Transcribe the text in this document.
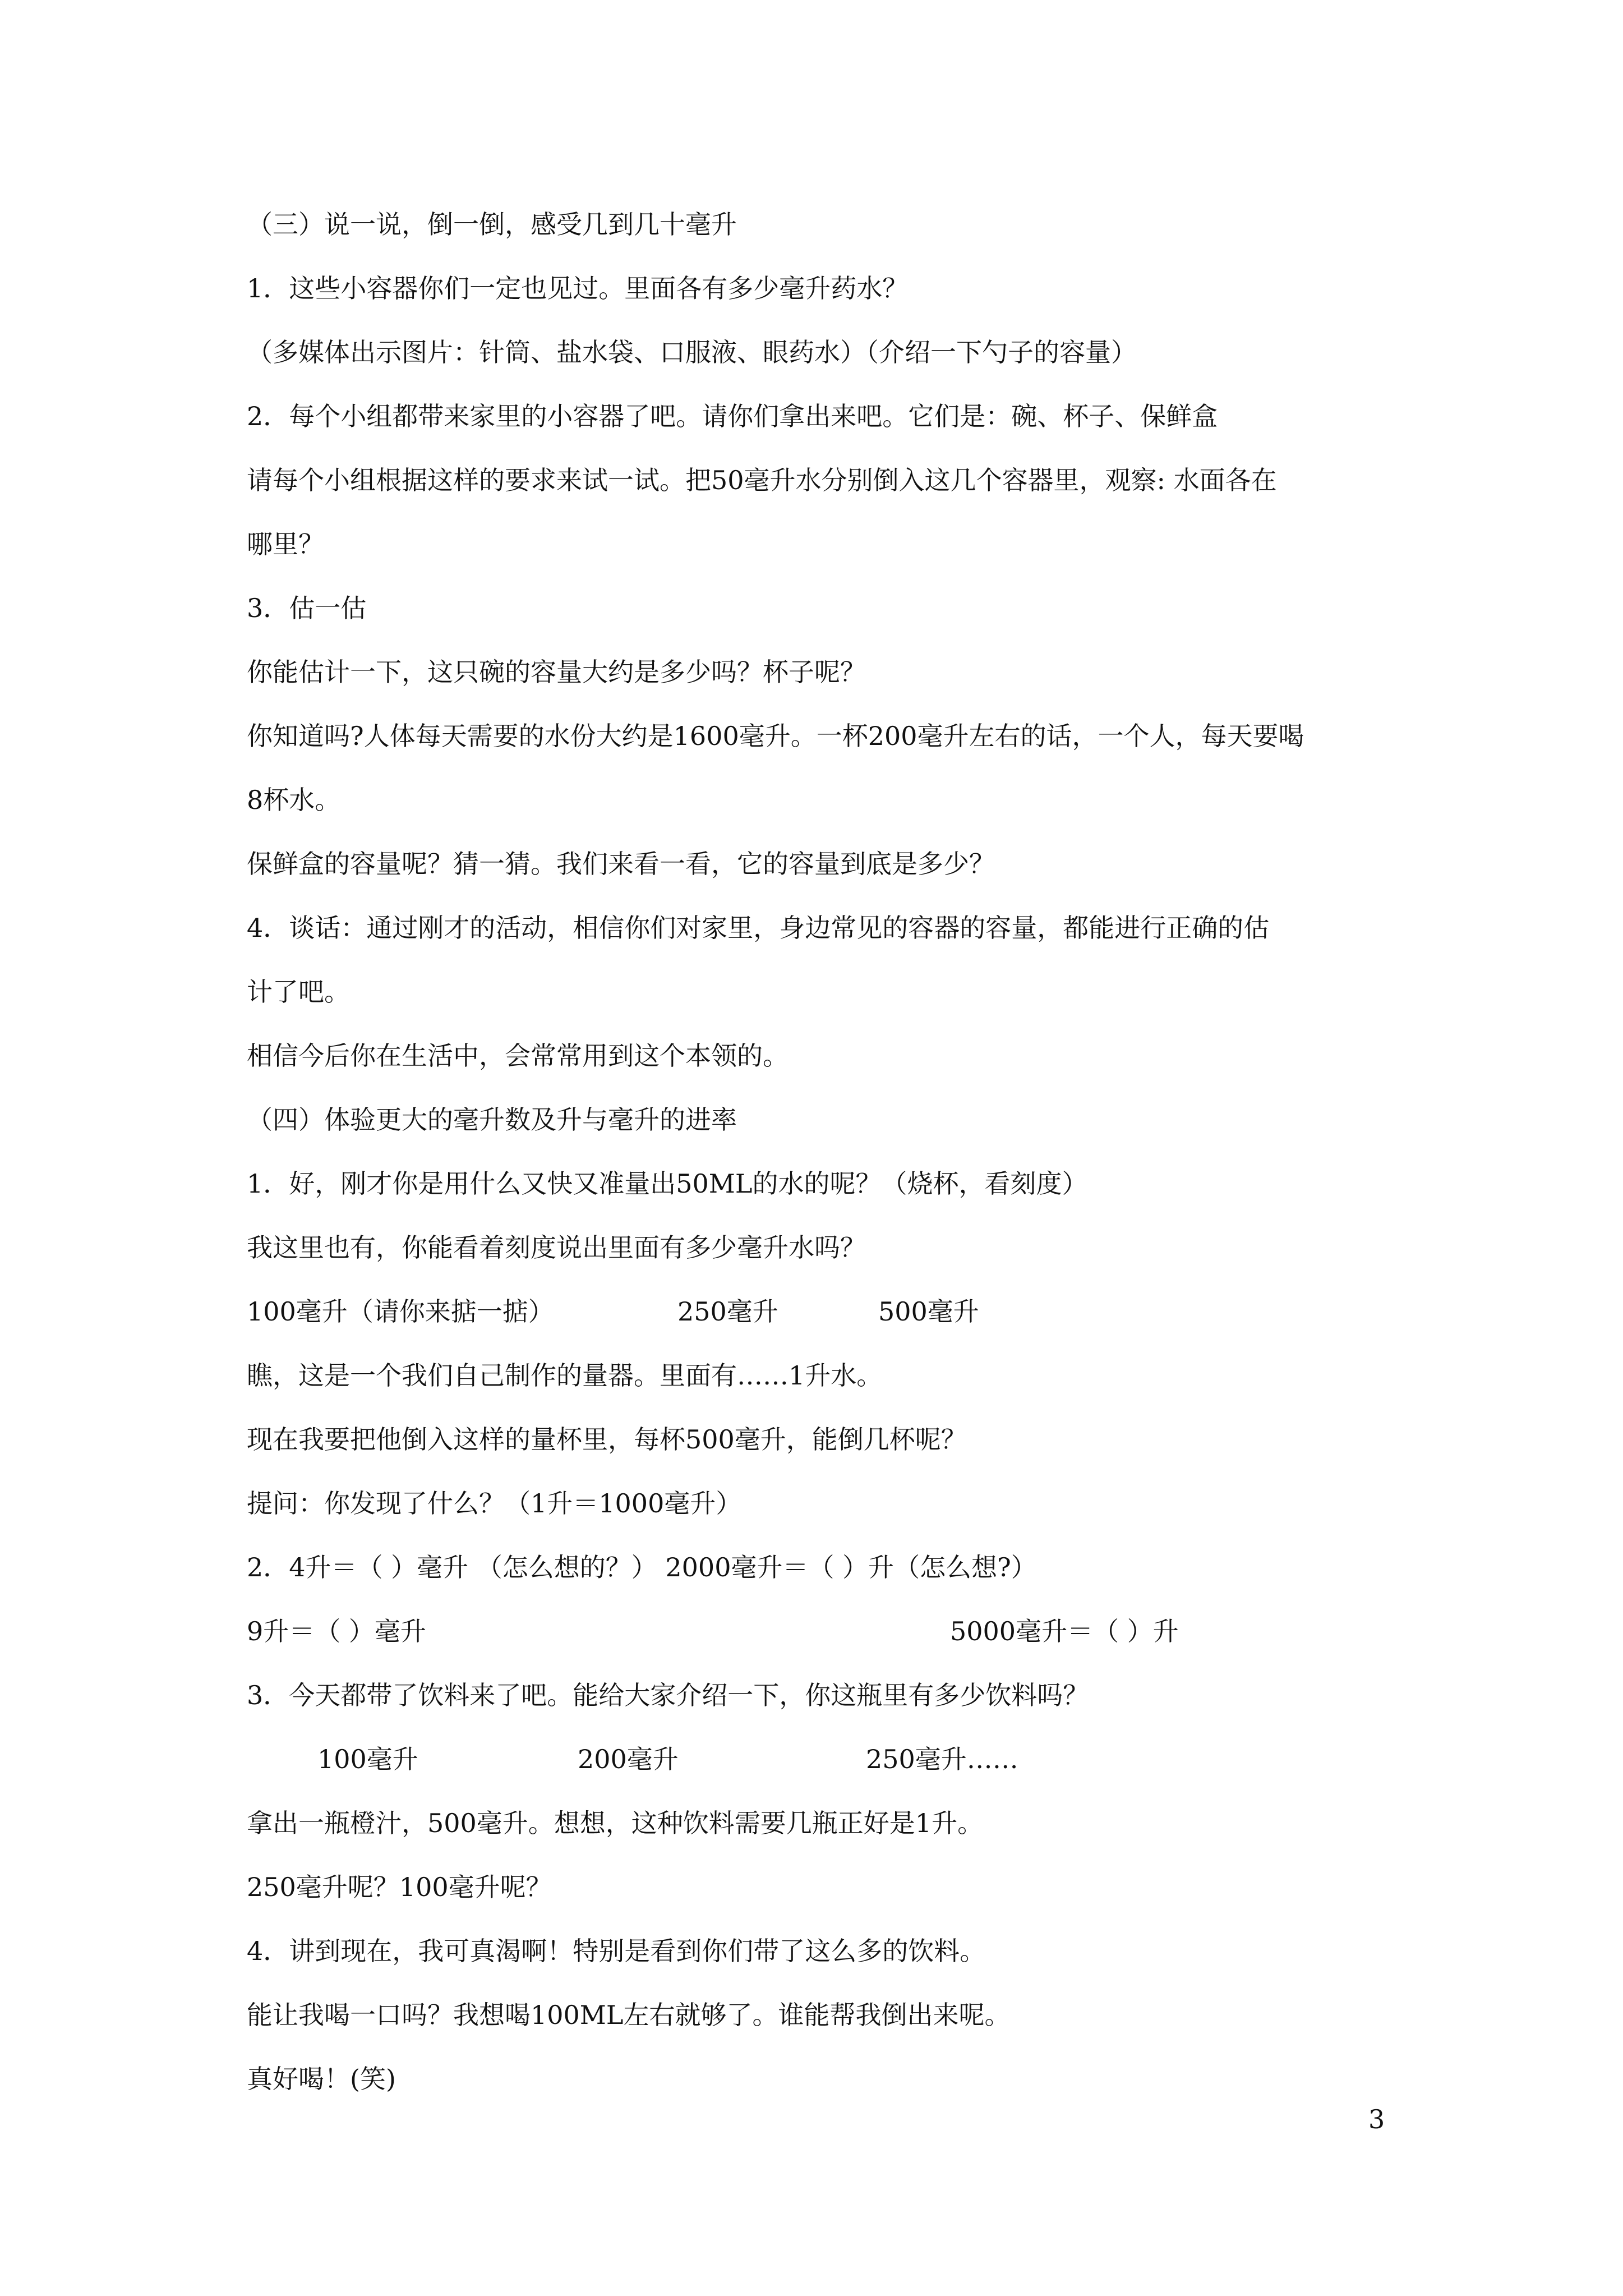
（三）说一说，倒一倒，感受几到几十毫升
1．这些小容器你们一定也见过。里面各有多少毫升药水？
（多媒体出示图片：针筒、盐水袋、口服液、眼药水）（介绍一下勺子的容量）
2．每个小组都带来家里的小容器了吧。请你们拿出来吧。它们是：碗、杯子、保鲜盒
请每个小组根据这样的要求来试一试。把50毫升水分别倒入这几个容器里，观察: 水面各在
哪里？
3．估一估
你能估计一下，这只碗的容量大约是多少吗？杯子呢？
你知道吗?人体每天需要的水份大约是1600毫升。一杯200毫升左右的话，一个人，每天要喝
8杯水。
保鲜盒的容量呢？猜一猜。我们来看一看，它的容量到底是多少？
4．谈话：通过刚才的活动，相信你们对家里，身边常见的容器的容量，都能进行正确的估
计了吧。
相信今后你在生活中，会常常用到这个本领的。
（四）体验更大的毫升数及升与毫升的进率
1．好，刚才你是用什么又快又准量出50ML的水的呢？（烧杯，看刻度）
我这里也有，你能看着刻度说出里面有多少毫升水吗？
100毫升（请你来掂一掂）	250毫升	500毫升
瞧，这是一个我们自己制作的量器。里面有……1升水。
现在我要把他倒入这样的量杯里，每杯500毫升，能倒几杯呢？
提问：你发现了什么？（1升＝1000毫升）
2．4升＝（ ）毫升 （怎么想的？） 2000毫升＝（ ）升（怎么想?）
9升＝（ ）毫升	5000毫升＝（ ）升
3．今天都带了饮料来了吧。能给大家介绍一下，你这瓶里有多少饮料吗？
100毫升	200毫升	250毫升……
拿出一瓶橙汁，500毫升。想想，这种饮料需要几瓶正好是1升。
250毫升呢？100毫升呢？
4．讲到现在，我可真渴啊！特别是看到你们带了这么多的饮料。
能让我喝一口吗？我想喝100ML左右就够了。谁能帮我倒出来呢。
真好喝！(笑)
3
